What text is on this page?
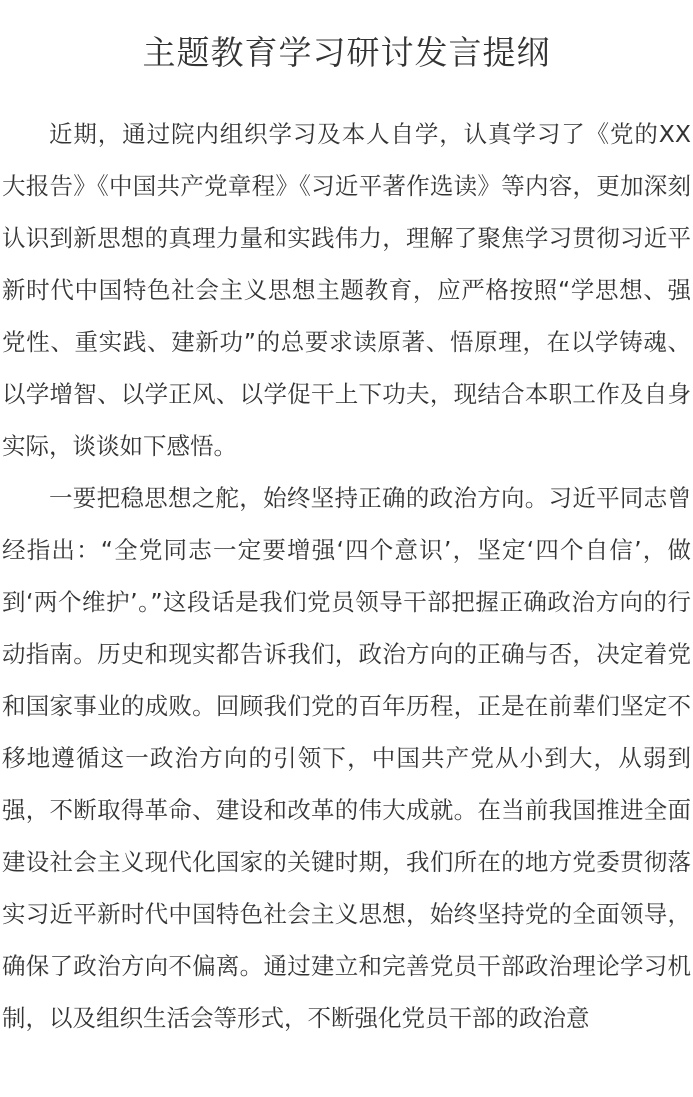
主题教育学习研讨发言提纲

近期，通过院内组织学习及本人自学，认真学习了《党的XX大报告》《中国共产党章程》《习近平著作选读》等内容，更加深刻认识到新思想的真理力量和实践伟力，理解了聚焦学习贯彻习近平新时代中国特色社会主义思想主题教育，应严格按照“学思想、强党性、重实践、建新功”的总要求读原著、悟原理，在以学铸魂、以学增智、以学正风、以学促干上下功夫，现结合本职工作及自身实际，谈谈如下感悟。

一要把稳思想之舵，始终坚持正确的政治方向。习近平同志曾经指出：“全党同志一定要增强‘四个意识’，坚定‘四个自信’，做到‘两个维护’。”这段话是我们党员领导干部把握正确政治方向的行动指南。历史和现实都告诉我们，政治方向的正确与否，决定着党和国家事业的成败。回顾我们党的百年历程，正是在前辈们坚定不移地遵循这一政治方向的引领下，中国共产党从小到大，从弱到强，不断取得革命、建设和改革的伟大成就。在当前我国推进全面建设社会主义现代化国家的关键时期，我们所在的地方党委贯彻落实习近平新时代中国特色社会主义思想，始终坚持党的全面领导，确保了政治方向不偏离。通过建立和完善党员干部政治理论学习机制，以及组织生活会等形式，不断强化党员干部的政治意
